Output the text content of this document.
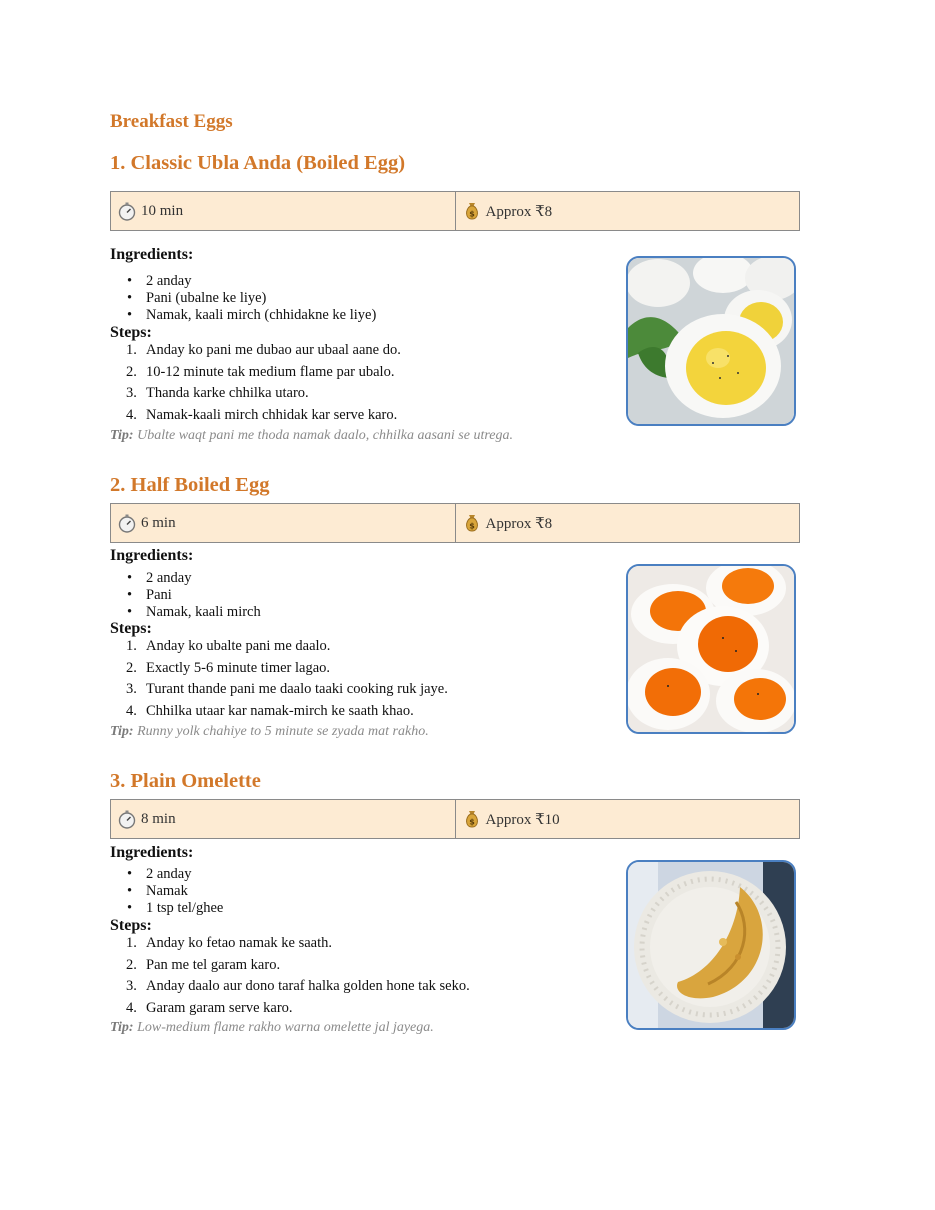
Breakfast Eggs
1. Classic Ubla Anda (Boiled Egg)
10 min	$ Approx ₹8

Ingredients:

• 2 anday
• Pani (ubalne ke liye)
• Namak, kaali mirch (chhidakne ke liye)

Steps:

1. Anday ko pani me dubao aur ubaal aane do.
2. 10-12 minute tak medium flame par ubalo.
3. Thanda karke chhilka utaro.
4. Namak-kaali mirch chhidak kar serve karo.

Tip: Ubalte waqt pani me thoda namak daalo, chhilka aasani se utrega.

2. Half Boiled Egg
6 min	$ Approx ₹8

Ingredients:

• 2 anday
• Pani
• Namak, kaali mirch

Steps:

1. Anday ko ubalte pani me daalo.
2. Exactly 5-6 minute timer lagao.
3. Turant thande pani me daalo taaki cooking ruk jaye.
4. Chhilka utaar kar namak-mirch ke saath khao.

Tip: Runny yolk chahiye to 5 minute se zyada mat rakho.

3. Plain Omelette
8 min	$ Approx ₹10

Ingredients:

• 2 anday
• Namak
• 1 tsp tel/ghee

Steps:

1. Anday ko fetao namak ke saath.
2. Pan me tel garam karo.
3. Anday daalo aur dono taraf halka golden hone tak seko.
4. Garam garam serve karo.

Tip: Low-medium flame rakho warna omelette jal jayega.
